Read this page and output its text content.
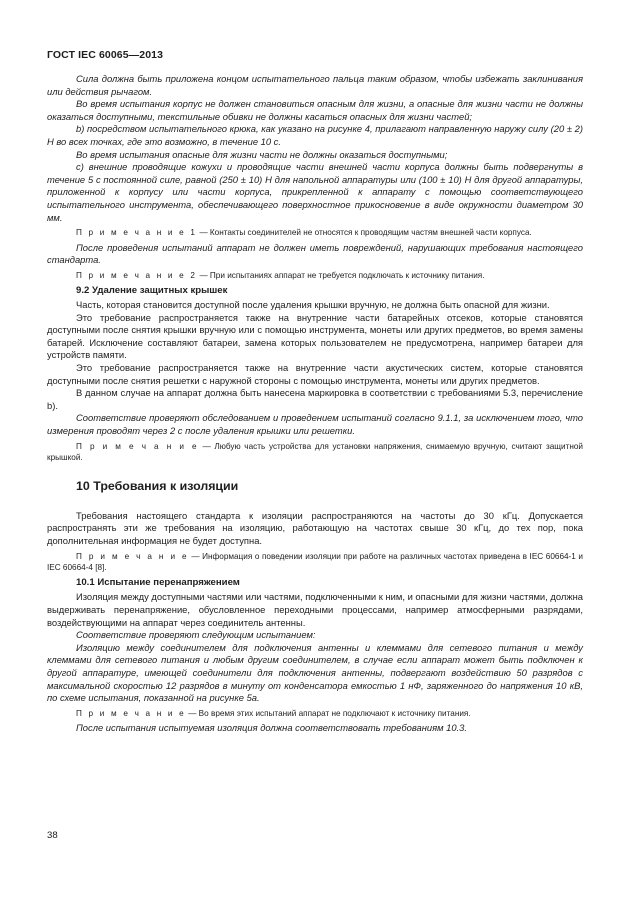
ГОСТ IEC 60065—2013

Сила должна быть приложена концом испытательного пальца таким образом, чтобы избежать заклинивания или действия рычагом.

Во время испытания корпус не должен становиться опасным для жизни, а опасные для жизни части не должны оказаться доступными, текстильные обивки не должны касаться опасных для жизни частей;

b) посредством испытательного крюка, как указано на рисунке 4, прилагают направленную наружу силу (20 ± 2) Н во всех точках, где это возможно, в течение 10 с.

Во время испытания опасные для жизни части не должны оказаться доступными;

c) внешние проводящие кожухи и проводящие части внешней части корпуса должны быть подвергнуты в течение 5 с постоянной силе, равной (250 ± 10) Н для напольной аппаратуры или (100 ± 10) Н для другой аппаратуры, приложенной к корпусу или части корпуса, прикрепленной к аппарату с помощью соответствующего испытательного инструмента, обеспечивающего поверхностное прикосновение в виде окружности диаметром 30 мм.

П р и м е ч а н и е 1 — Контакты соединителей не относятся к проводящим частям внешней части корпуса.

После проведения испытаний аппарат не должен иметь повреждений, нарушающих требования настоящего стандарта.

П р и м е ч а н и е 2 — При испытаниях аппарат не требуется подключать к источнику питания.

9.2 Удаление защитных крышек

Часть, которая становится доступной после удаления крышки вручную, не должна быть опасной для жизни.

Это требование распространяется также на внутренние части батарейных отсеков, которые становятся доступными после снятия крышки вручную или с помощью инструмента, монеты или других предметов, во время замены батарей. Исключение составляют батареи, замена которых пользователем не предусмотрена, например батареи для устройств памяти.

Это требование распространяется также на внутренние части акустических систем, которые становятся доступными после снятия решетки с наружной стороны с помощью инструмента, монеты или других предметов.

В данном случае на аппарат должна быть нанесена маркировка в соответствии с требованиями 5.3, перечисление b).

Соответствие проверяют обследованием и проведением испытаний согласно 9.1.1, за исключением того, что измерения проводят через 2 с после удаления крышки или решетки.

П р и м е ч а н и е — Любую часть устройства для установки напряжения, снимаемую вручную, считают защитной крышкой.

10 Требования к изоляции

Требования настоящего стандарта к изоляции распространяются на частоты до 30 кГц. Допускается распространять эти же требования на изоляцию, работающую на частотах свыше 30 кГц, до тех пор, пока дополнительная информация не будет доступна.

П р и м е ч а н и е — Информация о поведении изоляции при работе на различных частотах приведена в IEC 60664-1 и IEC 60664-4 [8].

10.1 Испытание перенапряжением

Изоляция между доступными частями или частями, подключенными к ним, и опасными для жизни частями, должна выдерживать перенапряжение, обусловленное переходными процессами, например атмосферными разрядами, воздействующими на аппарат через соединитель антенны.

Соответствие проверяют следующим испытанием:

Изоляцию между соединителем для подключения антенны и клеммами для сетевого питания и между клеммами для сетевого питания и любым другим соединителем, в случае если аппарат может быть подключен к другой аппаратуре, имеющей соединители для подключения антенны, подвергают воздействию 50 разрядов с максимальной скоростью 12 разрядов в минуту от конденсатора емкостью 1 нФ, заряженного до напряжения 10 кВ, по схеме испытания, показанной на рисунке 5а.

П р и м е ч а н и е — Во время этих испытаний аппарат не подключают к источнику питания.

После испытания испытуемая изоляция должна соответствовать требованиям 10.3.

38
